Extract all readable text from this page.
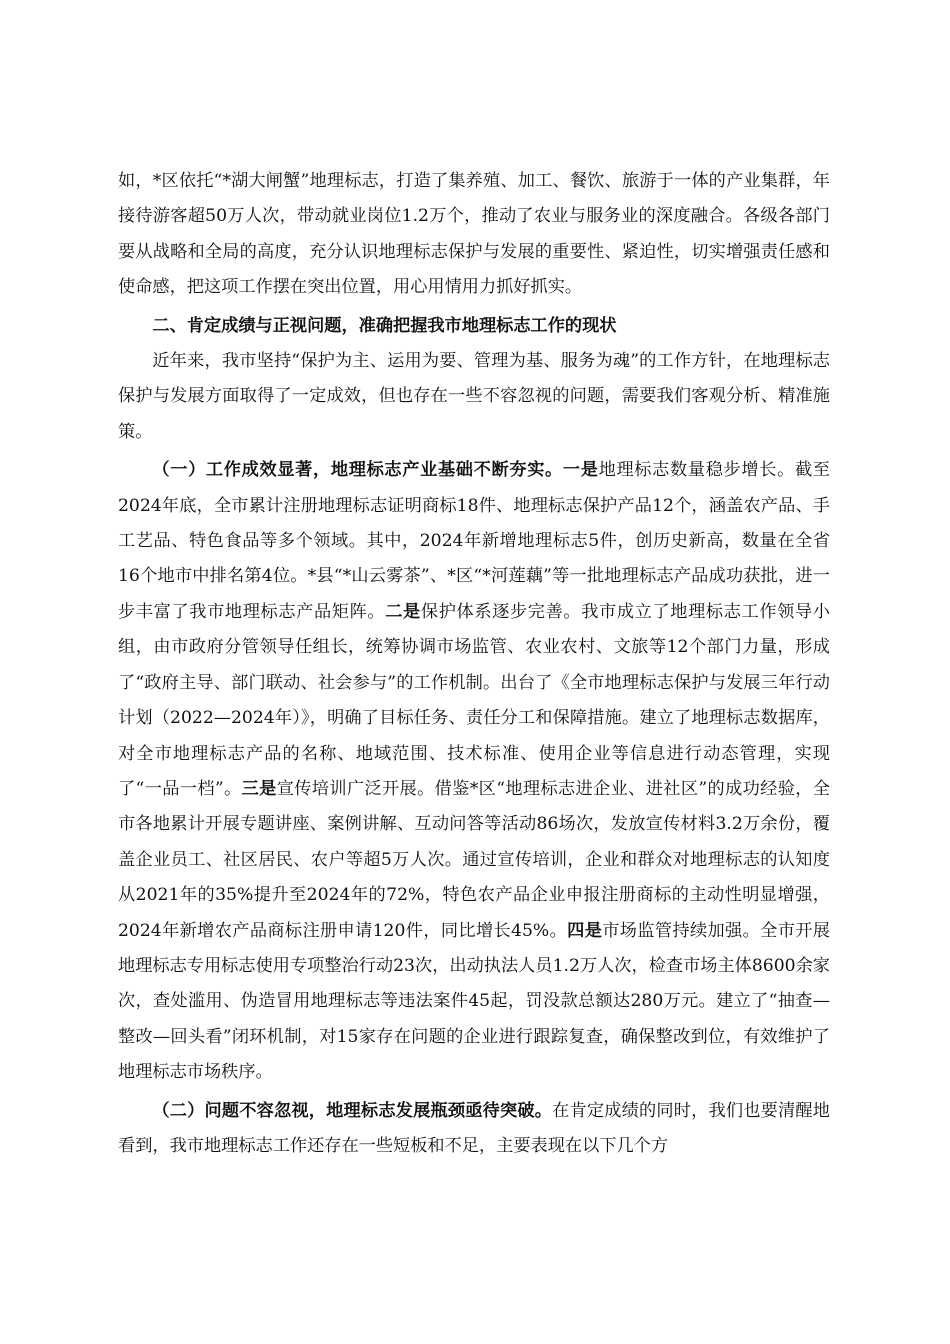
如，*区依托“*湖大闸蟹”地理标志，打造了集养殖、加工、餐饮、旅游于一体的产业集群，年接待游客超50万人次，带动就业岗位1.2万个，推动了农业与服务业的深度融合。各级各部门要从战略和全局的高度，充分认识地理标志保护与发展的重要性、紧迫性，切实增强责任感和使命感，把这项工作摆在突出位置，用心用情用力抓好抓实。

二、肯定成绩与正视问题，准确把握我市地理标志工作的现状

近年来，我市坚持“保护为主、运用为要、管理为基、服务为魂”的工作方针，在地理标志保护与发展方面取得了一定成效，但也存在一些不容忽视的问题，需要我们客观分析、精准施策。

（一）工作成效显著，地理标志产业基础不断夯实。一是地理标志数量稳步增长。截至2024年底，全市累计注册地理标志证明商标18件、地理标志保护产品12个，涵盖农产品、手工艺品、特色食品等多个领域。其中，2024年新增地理标志5件，创历史新高，数量在全省16个地市中排名第4位。*县“*山云雾茶”、*区“*河莲藕”等一批地理标志产品成功获批，进一步丰富了我市地理标志产品矩阵。二是保护体系逐步完善。我市成立了地理标志工作领导小组，由市政府分管领导任组长，统筹协调市场监管、农业农村、文旅等12个部门力量，形成了“政府主导、部门联动、社会参与”的工作机制。出台了《全市地理标志保护与发展三年行动计划（2022—2024年）》，明确了目标任务、责任分工和保障措施。建立了地理标志数据库，对全市地理标志产品的名称、地域范围、技术标准、使用企业等信息进行动态管理，实现了“一品一档”。三是宣传培训广泛开展。借鉴*区“地理标志进企业、进社区”的成功经验，全市各地累计开展专题讲座、案例讲解、互动问答等活动86场次，发放宣传材料3.2万余份，覆盖企业员工、社区居民、农户等超5万人次。通过宣传培训，企业和群众对地理标志的认知度从2021年的35%提升至2024年的72%，特色农产品企业申报注册商标的主动性明显增强，2024年新增农产品商标注册申请120件，同比增长45%。四是市场监管持续加强。全市开展地理标志专用标志使用专项整治行动23次，出动执法人员1.2万人次，检查市场主体8600余家次，查处滥用、伪造冒用地理标志等违法案件45起，罚没款总额达280万元。建立了“抽查—整改—回头看”闭环机制，对15家存在问题的企业进行跟踪复查，确保整改到位，有效维护了地理标志市场秩序。

（二）问题不容忽视，地理标志发展瓶颈亟待突破。在肯定成绩的同时，我们也要清醒地看到，我市地理标志工作还存在一些短板和不足，主要表现在以下几个方
